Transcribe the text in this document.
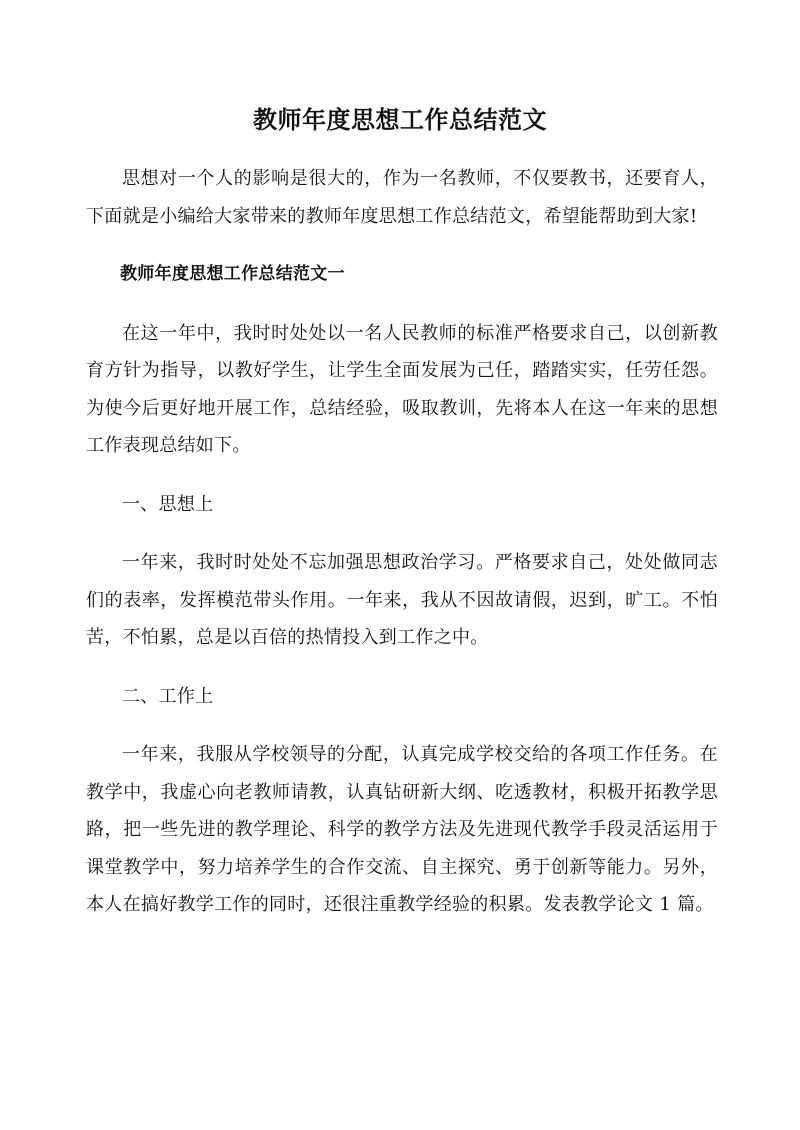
教师年度思想工作总结范文

思想对一个人的影响是很大的，作为一名教师，不仅要教书，还要育人，下面就是小编给大家带来的教师年度思想工作总结范文，希望能帮助到大家!

教师年度思想工作总结范文一

在这一年中，我时时处处以一名人民教师的标准严格要求自己，以创新教育方针为指导，以教好学生，让学生全面发展为己任，踏踏实实，任劳任怨。为使今后更好地开展工作，总结经验，吸取教训，先将本人在这一年来的思想工作表现总结如下。

一、思想上

一年来，我时时处处不忘加强思想政治学习。严格要求自己，处处做同志们的表率，发挥模范带头作用。一年来，我从不因故请假，迟到，旷工。不怕苦，不怕累，总是以百倍的热情投入到工作之中。

二、工作上

一年来，我服从学校领导的分配，认真完成学校交给的各项工作任务。在教学中，我虚心向老教师请教，认真钻研新大纲、吃透教材，积极开拓教学思路，把一些先进的教学理论、科学的教学方法及先进现代教学手段灵活运用于课堂教学中，努力培养学生的合作交流、自主探究、勇于创新等能力。另外，本人在搞好教学工作的同时，还很注重教学经验的积累。发表教学论文 1 篇。
